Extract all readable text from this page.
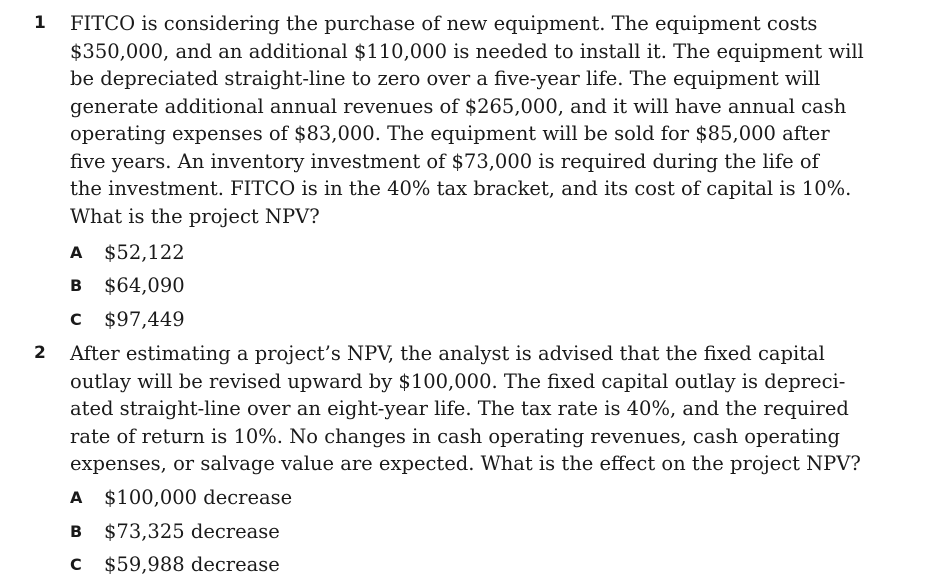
1 FITCO is considering the purchase of new equipment. The equipment costs
$350,000, and an additional $110,000 is needed to install it. The equipment will
be depreciated straight-line to zero over a five-year life. The equipment will
generate additional annual revenues of $265,000, and it will have annual cash
operating expenses of $83,000. The equipment will be sold for $85,000 after
five years. An inventory investment of $73,000 is required during the life of
the investment. FITCO is in the 40% tax bracket, and its cost of capital is 10%.
What is the project NPV?
A $52,122
B $64,090
C $97,449
2 After estimating a project’s NPV, the analyst is advised that the fixed capital
outlay will be revised upward by $100,000. The fixed capital outlay is depreci-
ated straight-line over an eight-year life. The tax rate is 40%, and the required
rate of return is 10%. No changes in cash operating revenues, cash operating
expenses, or salvage value are expected. What is the effect on the project NPV?
A $100,000 decrease
B $73,325 decrease
C $59,988 decrease
